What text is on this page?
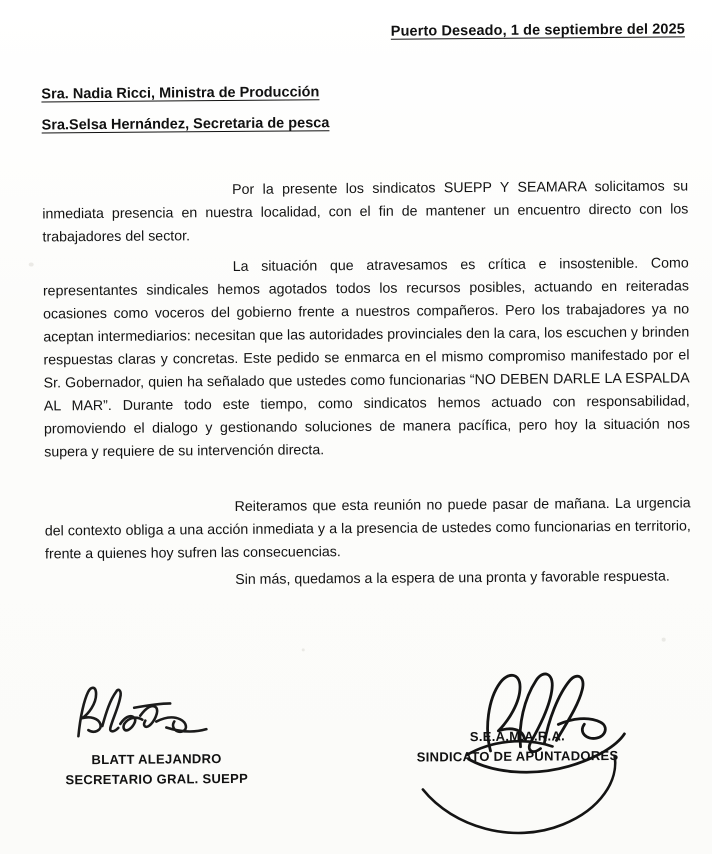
Puerto Deseado, 1 de septiembre del 2025
Sra. Nadia Ricci, Ministra de Producción
Sra.Selsa Hernández, Secretaria de pesca
Por la presente los sindicatos SUEPP Y SEAMARA solicitamos su inmediata presencia en nuestra localidad, con el fin de mantener un encuentro directo con los trabajadores del sector.
La situación que atravesamos es crítica e insostenible. Como representantes sindicales hemos agotados todos los recursos posibles, actuando en reiteradas ocasiones como voceros del gobierno frente a nuestros compañeros. Pero los trabajadores ya no aceptan intermediarios: necesitan que las autoridades provinciales den la cara, los escuchen y brinden respuestas claras y concretas. Este pedido se enmarca en el mismo compromiso manifestado por el Sr. Gobernador, quien ha señalado que ustedes como funcionarias “NO DEBEN DARLE LA ESPALDA AL MAR”. Durante todo este tiempo, como sindicatos hemos actuado con responsabilidad, promoviendo el dialogo y gestionando soluciones de manera pacífica, pero hoy la situación nos supera y requiere de su intervención directa.
Reiteramos que esta reunión no puede pasar de mañana. La urgencia del contexto obliga a una acción inmediata y a la presencia de ustedes como funcionarias en territorio, frente a quienes hoy sufren las consecuencias.
Sin más, quedamos a la espera de una pronta y favorable respuesta.
BLATT ALEJANDRO
SECRETARIO GRAL. SUEPP
S.E.A.M.A.R.A.
SINDICATO DE APUNTADORES
